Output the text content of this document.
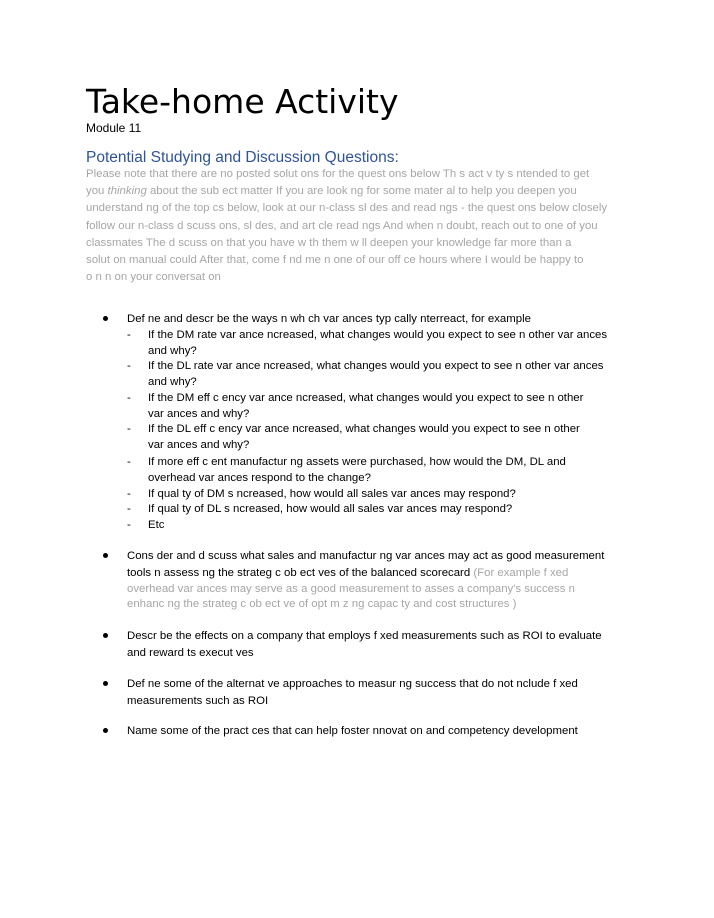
Take-home Activity
Module 11
Potential Studying and Discussion Questions:
Please note that there are no posted solut ons for the quest ons below Th s act v ty s ntended to get
you thinking about the sub ect matter If you are look ng for some mater al to help you deepen you
understand ng of the top cs below, look at our n-class sl des and read ngs - the quest ons below closely
follow our n-class d scuss ons, sl des, and art cle read ngs And when n doubt, reach out to one of you
classmates The d scuss on that you have w th them w ll deepen your knowledge far more than a
solut on manual could After that, come f nd me n one of our off ce hours where I would be happy to
o n n on your conversat on
Def ne and descr be the ways n wh ch var ances typ cally nterreact, for example
- If the DM rate var ance ncreased, what changes would you expect to see n other var ances
and why?
- If the DL rate var ance ncreased, what changes would you expect to see n other var ances
and why?
- If the DM eff c ency var ance ncreased, what changes would you expect to see n other
var ances and why?
- If the DL eff c ency var ance ncreased, what changes would you expect to see n other
var ances and why?
- If more eff c ent manufactur ng assets were purchased, how would the DM, DL and
overhead var ances respond to the change?
- If qual ty of DM s ncreased, how would all sales var ances may respond?
- If qual ty of DL s ncreased, how would all sales var ances may respond?
- Etc
Cons der and d scuss what sales and manufactur ng var ances may act as good measurement
tools n assess ng the strateg c ob ect ves of the balanced scorecard (For example f xed
overhead var ances may serve as a good measurement to asses a company's success n
enhanc ng the strateg c ob ect ve of opt m z ng capac ty and cost structures )
Descr be the effects on a company that employs f xed measurements such as ROI to evaluate
and reward ts execut ves
Def ne some of the alternat ve approaches to measur ng success that do not nclude f xed
measurements such as ROI
Name some of the pract ces that can help foster nnovat on and competency development
